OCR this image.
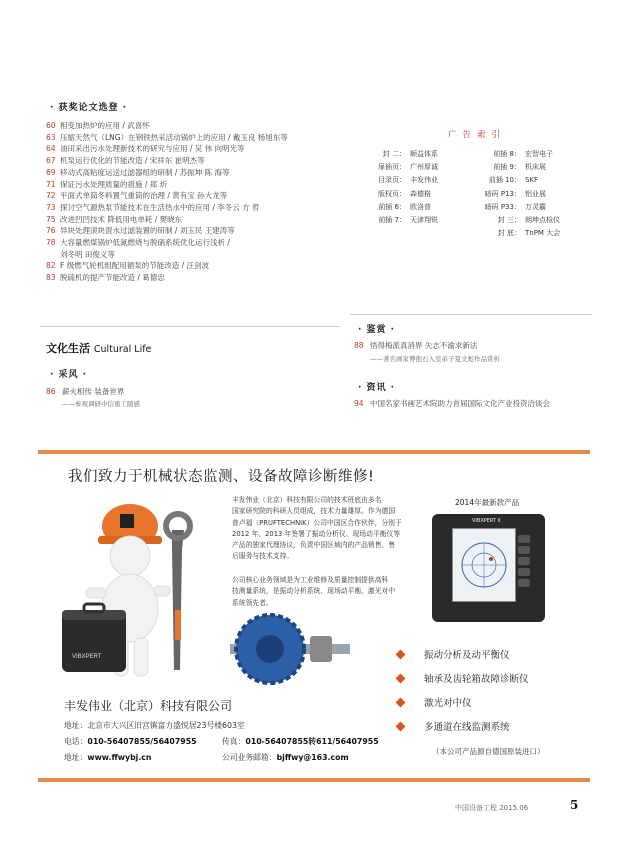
· 获奖论文选登 ·
60 相变加热炉的应用 / 武喜怀
63 压缩天然气（LNG）在钢铁热采活动锅炉上的应用 / 戴玉良 杨旭东等
64 油田采出污水处理新技术的研究与应用 / 吴 伟 向明光等
67 机泵运行优化的节能改造 / 宋祥东 崔明杰等
69 移动式高粘度运送过滤器组的研制 / 苏振坤 陈 海等
71 保证污水处理质量的措施 / 郑 炘
72 平面式单筒冬料置气重筒的治理 / 黄有宝 孙大龙等
73 探讨空气源热泵节能技术在生活热水中的应用 / 李冬云 方 哲
75 改进凹凹技术 降低用电单耗 / 樊晓东
76 异块处理滚块混水过滤装置的研制 / 刘玉民 王建涛等
78 大容量燃煤锅炉低氮燃烧与脱硝系统优化运行浅析 /
刘冬明 田俊义等
82 F 级燃气轮机组配用循泵的节能改造 / 汪剑波
83 脱硫机的提产节能改造 / 葛德忠
广告索引
封 二： 顺益体系	前插 8： 宏智电子
扉插页： 广州厚诚	前插 9： 机床展
目录页： 丰发伟业	前插 10： SKF
版权页： 森德格	暗码 P13： 铝业展
前插 6： 欧洛普	暗码 P33： 万灵霸
前插 7： 天津翔锐	封 三： 朗坤点检仪
封 底： TnPM 大会
文化生活 Cultural Life
· 采风 ·
86 薪火相传 装备世界
——参观调研中信重工随感
· 鉴赏 ·
88 悟得梅派真消界 矢志不渝求新法
——著名画家傅抱石入室弟子夏文彪作品赏析
· 资讯 ·
94 中国名家书画艺术院助力首届国际文化产业投资洽谈会
我们致力于机械状态监测、设备故障诊断维修!
VIBXPERT
丰发伟业（北京）科技有限公司的技术班底由多名
国家研究院的科研人员组成，技术力量雄厚。作为德国
普卢福（PRUFTECHNIK）公司中国区合作伙伴，分别于
2012 年、2013 年签署了振动分析仪、现场动平衡仪等
产品的独家代理协议，负责中国区域内的产品销售、售
后服务与技术支持。
公司核心业务领域是为工业维修及质量控制提供高科
技测量系统，是振动分析系统、现场动平衡、激光对中
系统领先者。
2014年最新款产品
VIBXPERT II
振动分析及动平衡仪
轴承及齿轮箱故障诊断仪
激光对中仪
多通道在线监测系统
（本公司产品源自德国原装进口）
丰发伟业（北京）科技有限公司
地址：北京市大兴区旧宫镇富力盛悦居23号楼603室
电话：010-56407855/56407955	传真：010-56407855转611/56407955
地址：www.ffwybj.cn	公司业务邮箱：bjffwy@163.com
中国设备工程 2015.06	5
